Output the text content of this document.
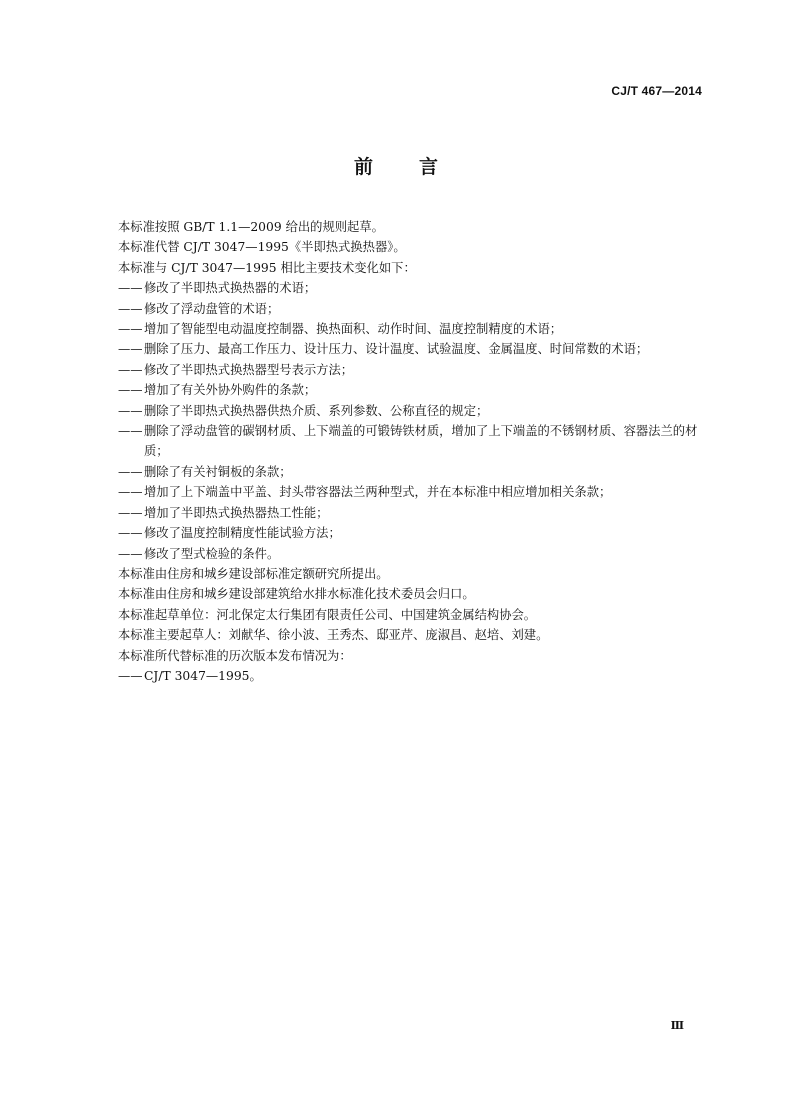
CJ/T 467—2014
前言

本标准按照 GB/T 1.1—2009 给出的规则起草。

本标准代替 CJ/T 3047—1995《半即热式换热器》。

本标准与 CJ/T 3047—1995 相比主要技术变化如下：

—— 修改了半即热式换热器的术语；
—— 修改了浮动盘管的术语；
—— 增加了智能型电动温度控制器、换热面积、动作时间、温度控制精度的术语；
—— 删除了压力、最高工作压力、设计压力、设计温度、试验温度、金属温度、时间常数的术语；
—— 修改了半即热式换热器型号表示方法；
—— 增加了有关外协外购件的条款；
—— 删除了半即热式换热器供热介质、系列参数、公称直径的规定；
—— 删除了浮动盘管的碳钢材质、上下端盖的可锻铸铁材质，增加了上下端盖的不锈钢材质、容器法兰的材质；
—— 删除了有关衬铜板的条款；
—— 增加了上下端盖中平盖、封头带容器法兰两种型式，并在本标准中相应增加相关条款；
—— 增加了半即热式换热器热工性能；
—— 修改了温度控制精度性能试验方法；
—— 修改了型式检验的条件。

本标准由住房和城乡建设部标准定额研究所提出。

本标准由住房和城乡建设部建筑给水排水标准化技术委员会归口。

本标准起草单位：河北保定太行集团有限责任公司、中国建筑金属结构协会。

本标准主要起草人：刘献华、徐小波、王秀杰、邸亚芹、庞淑昌、赵培、刘建。

本标准所代替标准的历次版本发布情况为：

—— CJ/T 3047—1995。
Ⅲ
